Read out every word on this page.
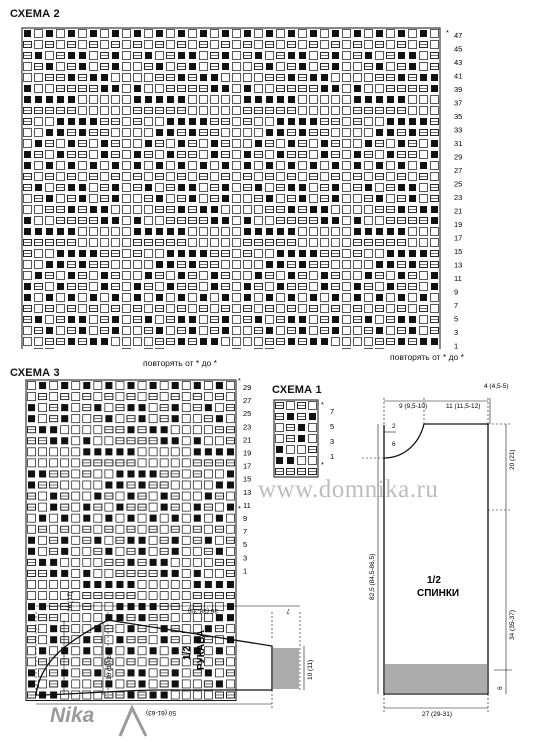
СХЕМА 2
47
45
43
41
39
37
35
33
31
29
27
25
23
21
19
17
15
13
11
9
7
5
3
1
*
повторять от * до *
повторять от * до *
СХЕМА 3
29
27
25
23
21
19
17
15
13
11
9
7
5
3
1
*
*
СХЕМА 1
7
5
3
1
*
*
www.domnika.ru
16 (17)	36 (38-39)	7
16 (17-18)	10 (11)
50 (61-63)
1/2 РУКАВА
9 (9,5-10)	11 (11,5-12)
4 (4,5-5)
2
6
20 (21)
82,5 (84,5-86,5)
34 (35-37)
6
27 (29-31)
1/2
СПИНКИ
Nika
